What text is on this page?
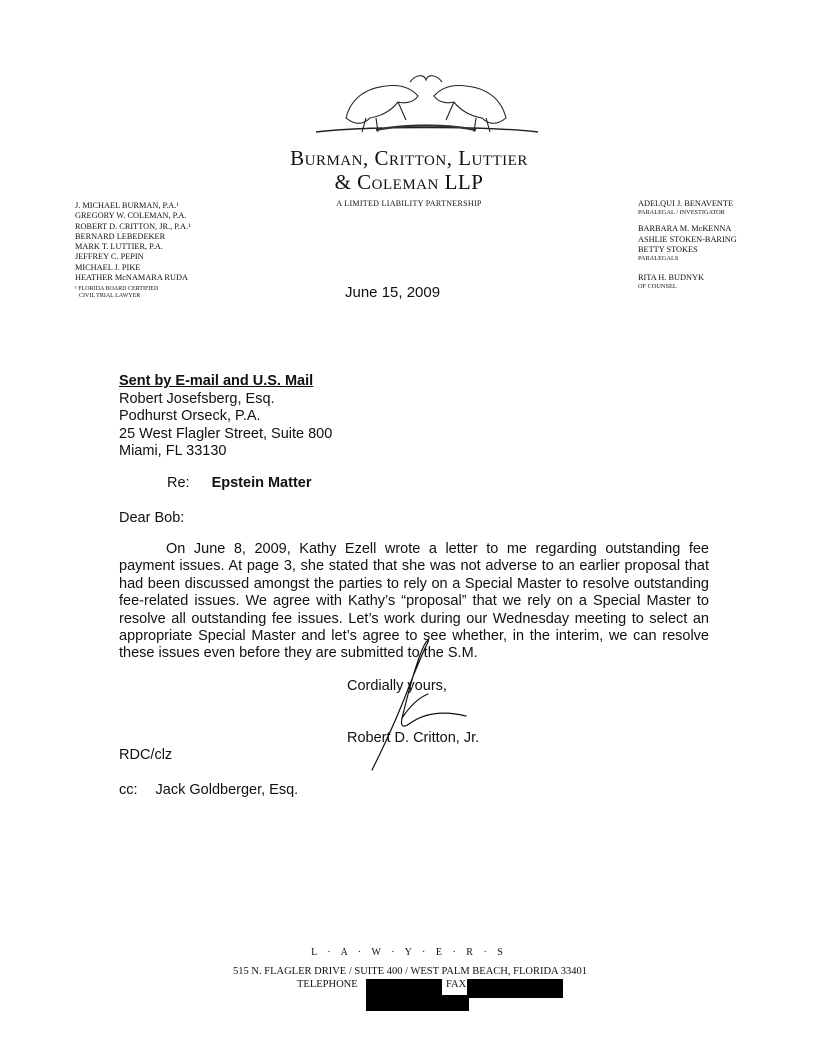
Burman, Critton, Luttier
& Coleman LLP
A LIMITED LIABILITY PARTNERSHIP
J. MICHAEL BURMAN, P.A.¹
GREGORY W. COLEMAN, P.A.
ROBERT D. CRITTON, JR., P.A.¹
BERNARD LEBEDEKER
MARK T. LUTTIER, P.A.
JEFFREY C. PEPIN
MICHAEL J. PIKE
HEATHER McNAMARA RUDA
¹ FLORIDA BOARD CERTIFIED
CIVIL TRIAL LAWYER
ADELQUI J. BENAVENTE
PARALEGAL / INVESTIGATOR
BARBARA M. McKENNA
ASHLIE STOKEN-BARING
BETTY STOKES
PARALEGALS
RITA H. BUDNYK
OF COUNSEL
June 15, 2009
Sent by E-mail and U.S. Mail
Robert Josefsberg, Esq.
Podhurst Orseck, P.A.
25 West Flagler Street, Suite 800
Miami, FL 33130
Re: Epstein Matter
Dear Bob:
On June 8, 2009, Kathy Ezell wrote a letter to me regarding outstanding fee payment issues. At page 3, she stated that she was not adverse to an earlier proposal that had been discussed amongst the parties to rely on a Special Master to resolve outstanding fee-related issues. We agree with Kathy’s “proposal” that we rely on a Special Master to resolve all outstanding fee issues. Let’s work during our Wednesday meeting to select an appropriate Special Master and let’s agree to see whether, in the interim, we can resolve these issues even before they are submitted to the S.M.
Cordially yours,
Robert D. Critton, Jr.
RDC/clz
cc: Jack Goldberger, Esq.
L · A · W · Y · E · R · S
515 N. FLAGLER DRIVE / SUITE 400 / WEST PALM BEACH, FLORIDA 33401
TELEPHONE	FAX
